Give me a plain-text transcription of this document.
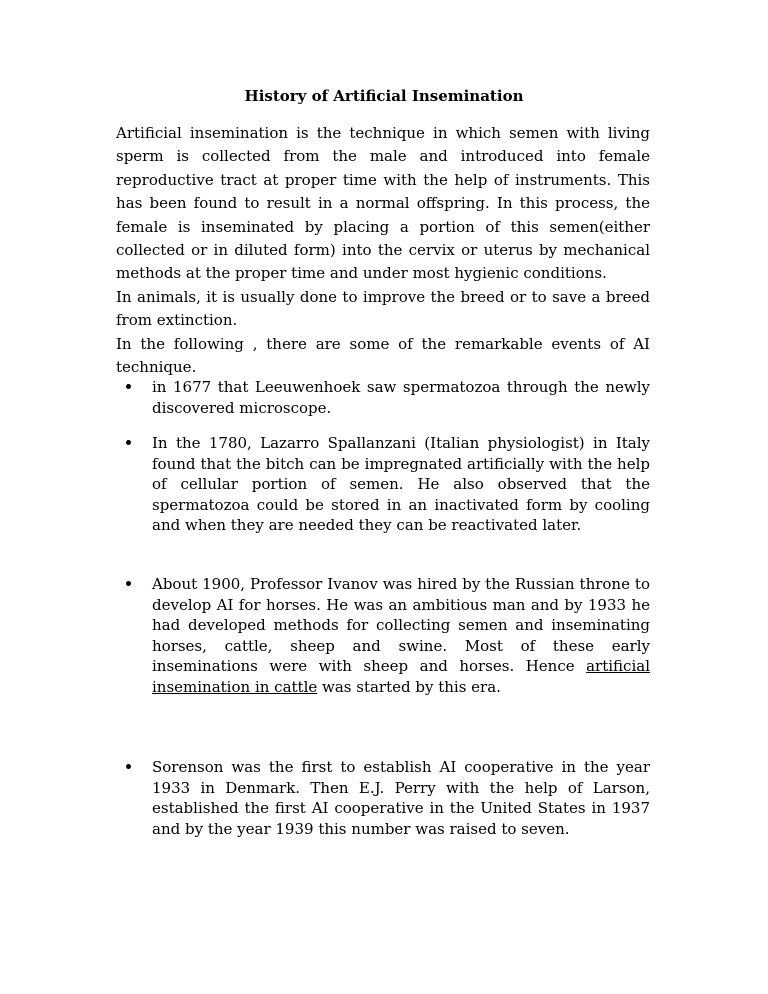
History of Artificial Insemination

Artificial insemination is the technique in which semen with living sperm is collected from the male and introduced into female reproductive tract at proper time with the help of instruments. This has been found to result in a normal offspring. In this process, the female is inseminated by placing a portion of this semen(either collected or in diluted form) into the cervix or uterus by mechanical methods at the proper time and under most hygienic conditions.

In animals, it is usually done to improve the breed or to save a breed from extinction.

In the following , there are some of the remarkable events of AI technique.

in 1677 that Leeuwenhoek saw spermatozoa through the newly discovered microscope.

In the 1780, Lazarro Spallanzani (Italian physiologist) in Italy found that the bitch can be impregnated artificially with the help of cellular portion of semen. He also observed that the spermatozoa could be stored in an inactivated form by cooling and when they are needed they can be reactivated later.

About 1900, Professor Ivanov was hired by the Russian throne to develop AI for horses. He was an ambitious man and by 1933 he had developed methods for collecting semen and inseminating horses, cattle, sheep and swine. Most of these early inseminations were with sheep and horses. Hence artificial insemination in cattle was started by this era.

Sorenson was the first to establish AI cooperative in the year 1933 in Denmark. Then E.J. Perry with the help of Larson, established the first AI cooperative in the United States in 1937 and by the year 1939 this number was raised to seven.
